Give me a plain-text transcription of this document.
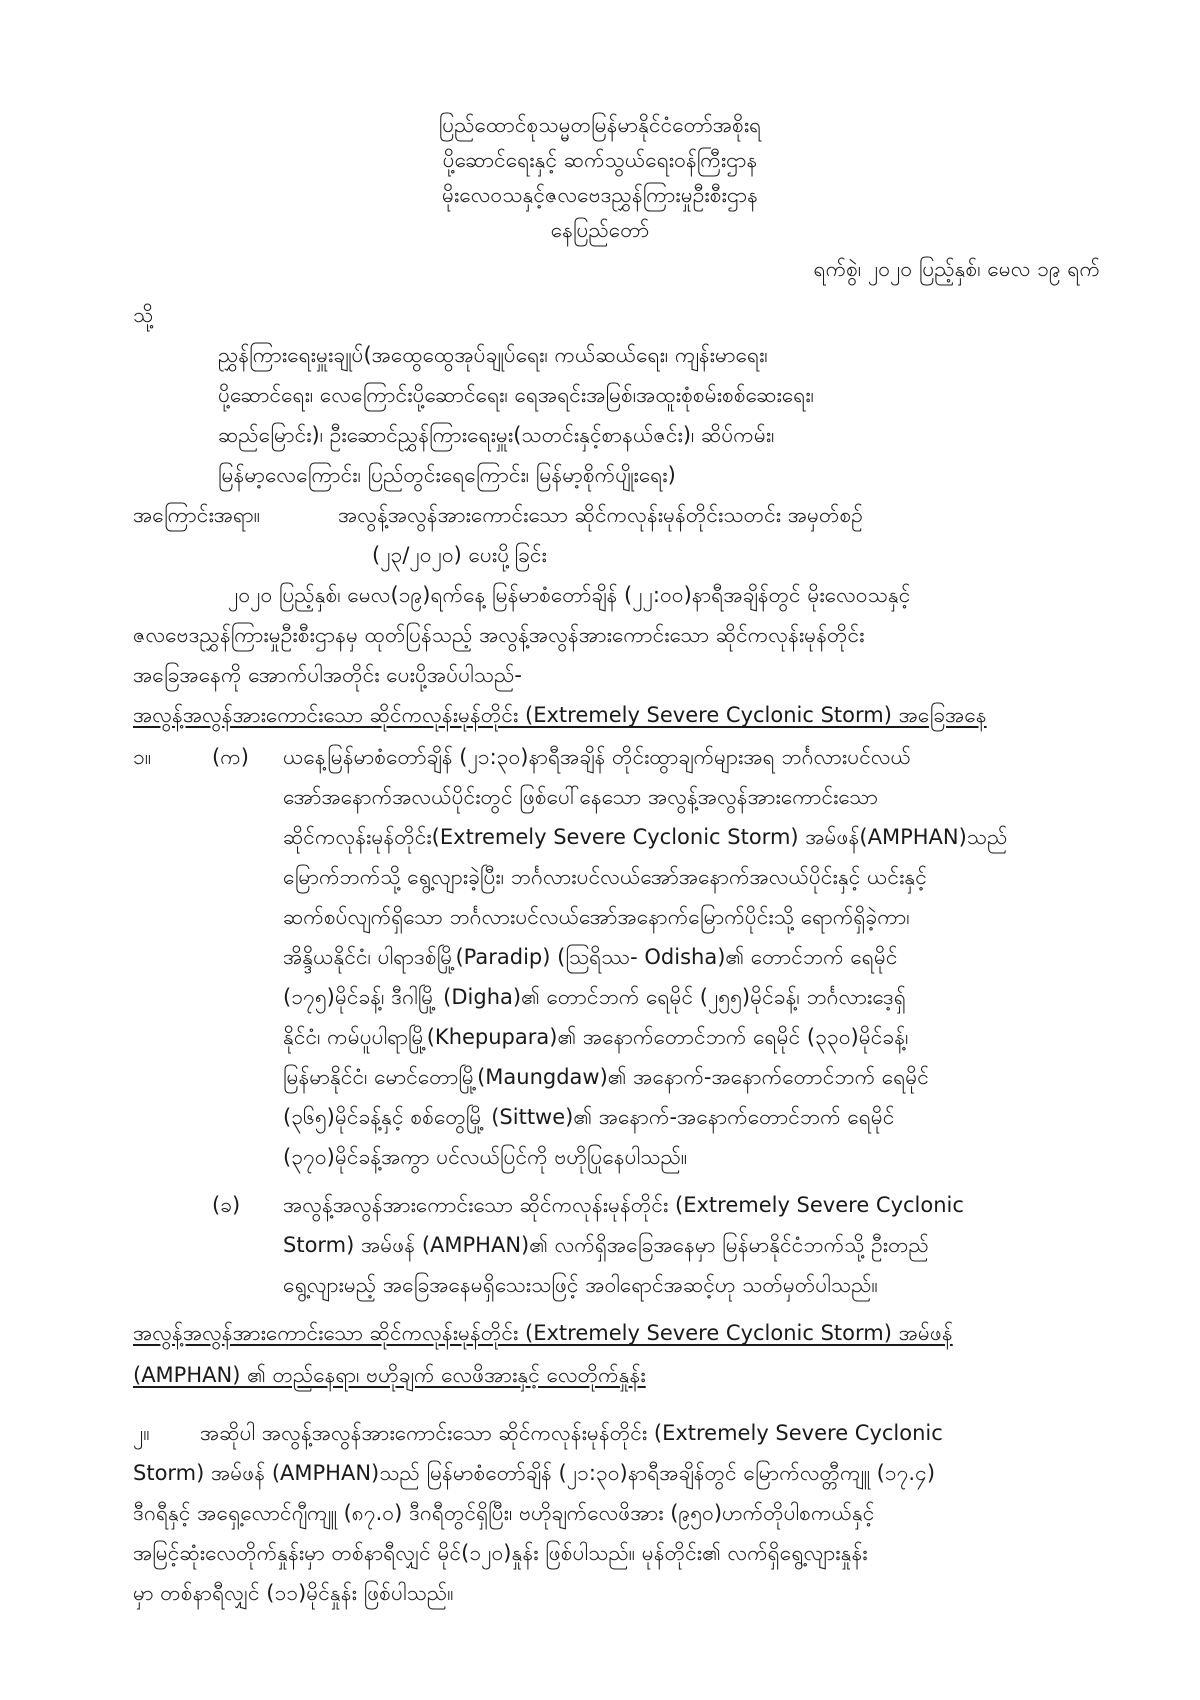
ပြည်ထောင်စုသမ္မတမြန်မာနိုင်ငံတော်အစိုးရ
ပို့ဆောင်ရေးနှင့် ဆက်သွယ်ရေးဝန်ကြီးဌာန
မိုးလေဝသနှင့်ဇလဗေဒညွှန်ကြားမှုဦးစီးဌာန
နေပြည်တော်
ရက်စွဲ၊ ၂၀၂၀ ပြည့်နှစ်၊ မေလ ၁၉ ရက်
သို့
ညွှန်ကြားရေးမှူးချုပ်(အထွေထွေအုပ်ချုပ်ရေး၊ ကယ်ဆယ်ရေး၊ ကျန်းမာရေး၊
ပို့ဆောင်ရေး၊ လေကြောင်းပို့ဆောင်ရေး၊ ရေအရင်းအမြစ်၊အထူးစုံစမ်းစစ်ဆေးရေး၊
ဆည်မြောင်း)၊ ဦးဆောင်ညွှန်ကြားရေးမှူး(သတင်းနှင့်စာနယ်ဇင်း)၊ ဆိပ်ကမ်း၊
မြန်မာ့လေကြောင်း၊ ပြည်တွင်းရေကြောင်း၊ မြန်မာ့စိုက်ပျိုးရေး)
အကြောင်းအရာ။	အလွန့်အလွန်အားကောင်းသော ဆိုင်ကလုန်းမုန်တိုင်းသတင်း အမှတ်စဉ်
(၂၃/၂၀၂၀) ပေးပို့ခြင်း
၂၀၂၀ ပြည့်နှစ်၊ မေလ(၁၉)ရက်နေ့ မြန်မာစံတော်ချိန် (၂၂:၀၀)နာရီအချိန်တွင် မိုးလေဝသနှင့်
ဇလဗေဒညွှန်ကြားမှုဦးစီးဌာနမှ ထုတ်ပြန်သည့် အလွန့်အလွန်အားကောင်းသော ဆိုင်ကလုန်းမုန်တိုင်း
အခြေအနေကို အောက်ပါအတိုင်း ပေးပို့အပ်ပါသည်-
အလွန့်အလွန်အားကောင်းသော ဆိုင်ကလုန်းမုန်တိုင်း (Extremely Severe Cyclonic Storm) အခြေအနေ
၁။	(က) ယနေ့မြန်မာစံတော်ချိန် (၂၁:၃၀)နာရီအချိန် တိုင်းထွာချက်များအရ ဘင်္ဂလားပင်လယ်
အော်အနောက်အလယ်ပိုင်းတွင် ဖြစ်ပေါ်နေသော အလွန့်အလွန်အားကောင်းသော
ဆိုင်ကလုန်းမုန်တိုင်း(Extremely Severe Cyclonic Storm) အမ်ဖန်(AMPHAN)သည်
မြောက်ဘက်သို့ ရွေ့လျားခဲ့ပြီး၊ ဘင်္ဂလားပင်လယ်အော်အနောက်အလယ်ပိုင်းနှင့် ယင်းနှင့်
ဆက်စပ်လျက်ရှိသော ဘင်္ဂလားပင်လယ်အော်အနောက်မြောက်ပိုင်းသို့ ရောက်ရှိခဲ့ကာ၊
အိန္ဒိယနိုင်ငံ၊ ပါရာဒစ်မြို့(Paradip) (ဩရိဿ- Odisha)၏ တောင်ဘက် ရေမိုင်
(၁၇၅)မိုင်ခန့်၊ ဒီဂါမြို့ (Digha)၏ တောင်ဘက် ရေမိုင် (၂၅၅)မိုင်ခန့်၊ ဘင်္ဂလားဒေ့ရှ်
နိုင်ငံ၊ ကမ်ပူပါရာမြို့(Khepupara)၏ အနောက်တောင်ဘက် ရေမိုင် (၃၃၀)မိုင်ခန့်၊
မြန်မာနိုင်ငံ၊ မောင်တောမြို့(Maungdaw)၏ အနောက်-အနောက်တောင်ဘက် ရေမိုင်
(၃၆၅)မိုင်ခန့်နှင့် စစ်တွေမြို့ (Sittwe)၏ အနောက်-အနောက်တောင်ဘက် ရေမိုင်
(၃၇၀)မိုင်ခန့်အကွာ ပင်လယ်ပြင်ကို ဗဟိုပြုနေပါသည်။
(ခ) အလွန့်အလွန်အားကောင်းသော ဆိုင်ကလုန်းမုန်တိုင်း (Extremely Severe Cyclonic
Storm) အမ်ဖန် (AMPHAN)၏ လက်ရှိအခြေအနေမှာ မြန်မာနိုင်ငံဘက်သို့ ဦးတည်
ရွေ့လျားမည့် အခြေအနေမရှိသေးသဖြင့် အဝါရောင်အဆင့်ဟု သတ်မှတ်ပါသည်။
အလွန့်အလွန်အားကောင်းသော ဆိုင်ကလုန်းမုန်တိုင်း (Extremely Severe Cyclonic Storm) အမ်ဖန်
(AMPHAN) ၏ တည်နေရာ၊ ဗဟိုချက် လေဖိအားနှင့် လေတိုက်နှုန်း
၂။ အဆိုပါ အလွန့်အလွန်အားကောင်းသော ဆိုင်ကလုန်းမုန်တိုင်း (Extremely Severe Cyclonic
Storm) အမ်ဖန် (AMPHAN)သည် မြန်မာစံတော်ချိန် (၂၁:၃၀)နာရီအချိန်တွင် မြောက်လတ္တီကျူ (၁၇.၄)
ဒီဂရီနှင့် အရှေ့လောင်ဂျီကျူ (၈၇.၀) ဒီဂရီတွင်ရှိပြီး၊ ဗဟိုချက်လေဖိအား (၉၅၀)ဟက်တိုပါစကယ်နှင့်
အမြင့်ဆုံးလေတိုက်နှုန်းမှာ တစ်နာရီလျှင် မိုင်(၁၂၀)နှုန်း ဖြစ်ပါသည်။ မုန်တိုင်း၏ လက်ရှိရွေ့လျားနှုန်း
မှာ တစ်နာရီလျှင် (၁၁)မိုင်နှုန်း ဖြစ်ပါသည်။
